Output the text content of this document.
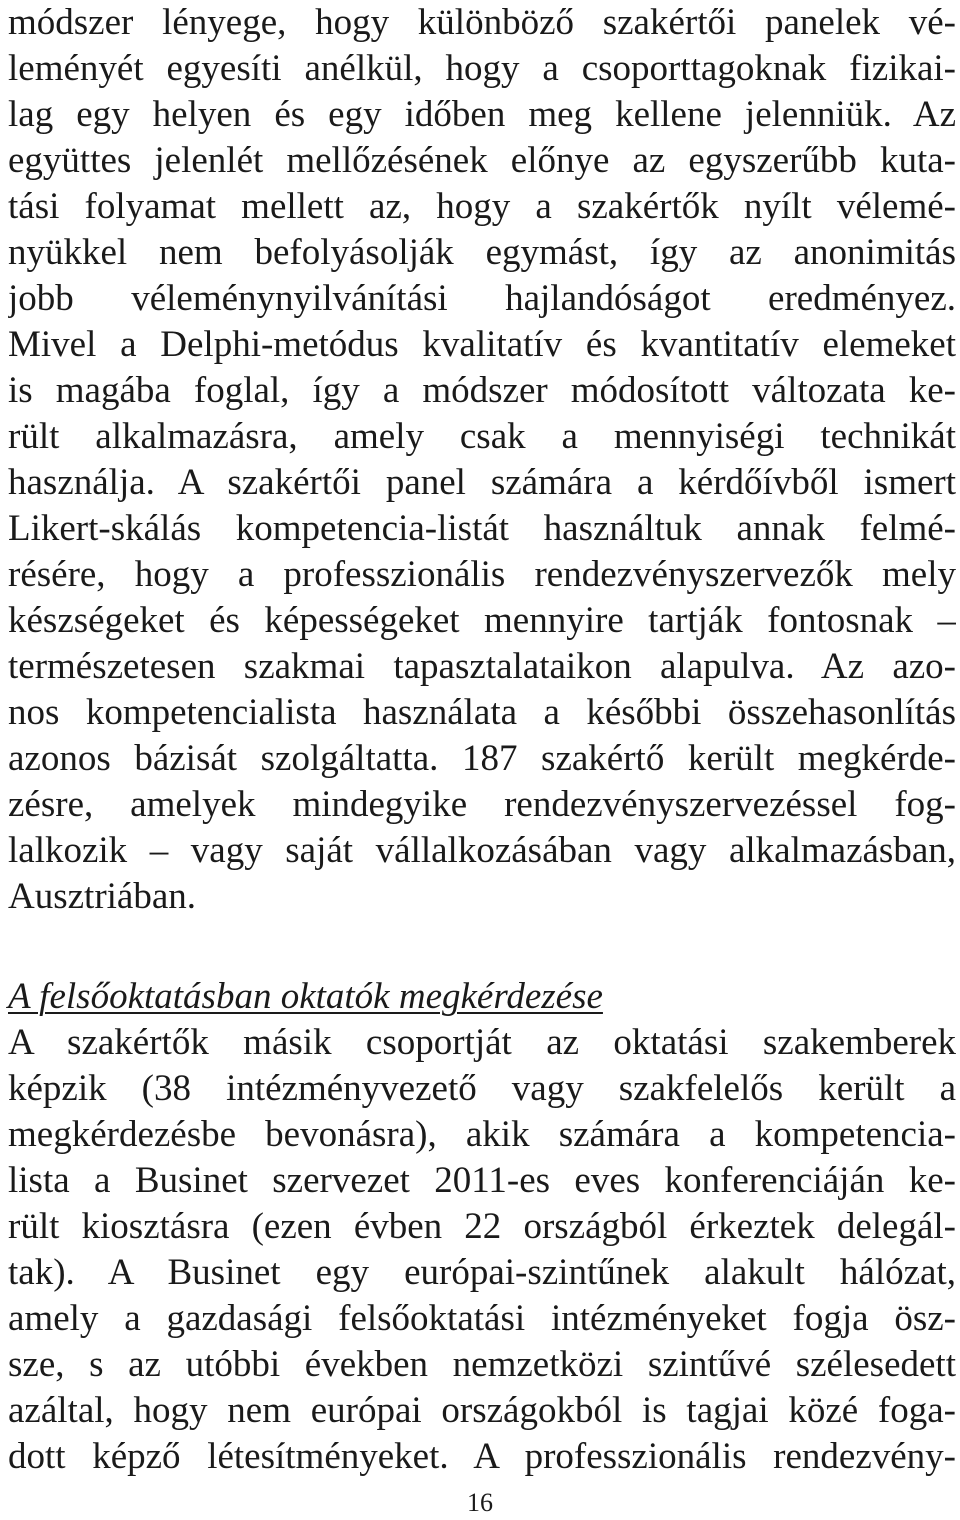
módszer lényege, hogy különböző szakértői panelek vé-
leményét egyesíti anélkül, hogy a csoporttagoknak fizikai-
lag egy helyen és egy időben meg kellene jelenniük. Az
együttes jelenlét mellőzésének előnye az egyszerűbb kuta-
tási folyamat mellett az, hogy a szakértők nyílt vélemé-
nyükkel nem befolyásolják egymást, így az anonimitás
jobb véleménynyilvánítási hajlandóságot eredményez.
Mivel a Delphi-metódus kvalitatív és kvantitatív elemeket
is magába foglal, így a módszer módosított változata ke-
rült alkalmazásra, amely csak a mennyiségi technikát
használja. A szakértői panel számára a kérdőívből ismert
Likert-skálás kompetencia-listát használtuk annak felmé-
résére, hogy a professzionális rendezvényszervezők mely
készségeket és képességeket mennyire tartják fontosnak –
természetesen szakmai tapasztalataikon alapulva. Az azo-
nos kompetencialista használata a későbbi összehasonlítás
azonos bázisát szolgáltatta. 187 szakértő került megkérde-
zésre, amelyek mindegyike rendezvényszervezéssel fog-
lalkozik – vagy saját vállalkozásában vagy alkalmazásban,
Ausztriában.
A felsőoktatásban oktatók megkérdezése
A szakértők másik csoportját az oktatási szakemberek
képzik (38 intézményvezető vagy szakfelelős került a
megkérdezésbe bevonásra), akik számára a kompetencia-
lista a Businet szervezet 2011-es eves konferenciáján ke-
rült kiosztásra (ezen évben 22 országból érkeztek delegál-
tak). A Businet egy európai-szintűnek alakult hálózat,
amely a gazdasági felsőoktatási intézményeket fogja ösz-
sze, s az utóbbi években nemzetközi szintűvé szélesedett
azáltal, hogy nem európai országokból is tagjai közé foga-
dott képző létesítményeket. A professzionális rendezvény-
16
